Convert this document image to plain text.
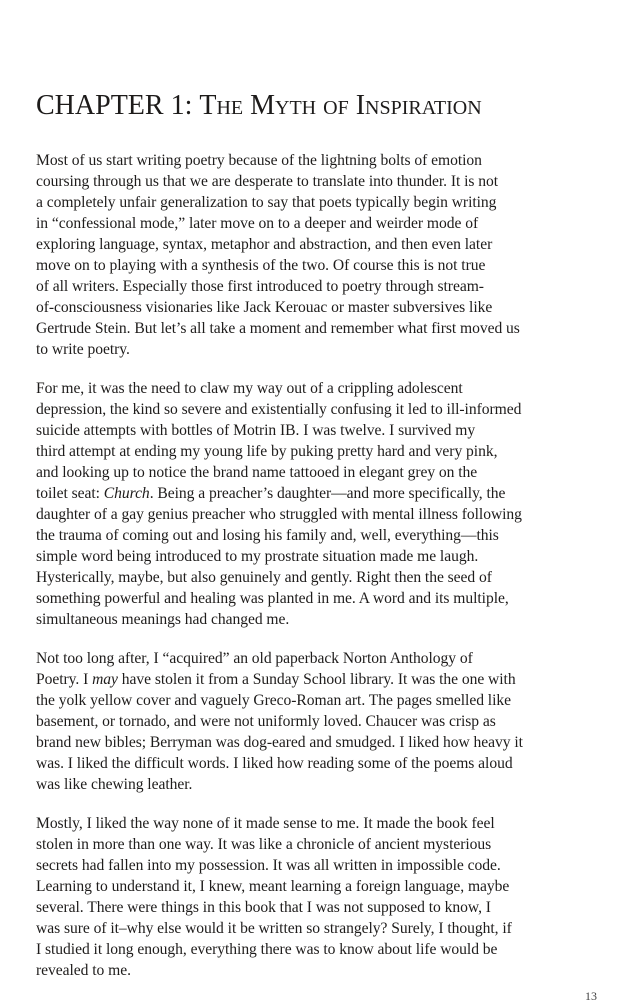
CHAPTER 1: The Myth of Inspiration

Most of us start writing poetry because of the lightning bolts of emotion
coursing through us that we are desperate to translate into thunder. It is not
a completely unfair generalization to say that poets typically begin writing
in “confessional mode,” later move on to a deeper and weirder mode of
exploring language, syntax, metaphor and abstraction, and then even later
move on to playing with a synthesis of the two. Of course this is not true
of all writers. Especially those first introduced to poetry through stream-
of-consciousness visionaries like Jack Kerouac or master subversives like
Gertrude Stein. But let’s all take a moment and remember what first moved us
to write poetry.

For me, it was the need to claw my way out of a crippling adolescent
depression, the kind so severe and existentially confusing it led to ill-informed
suicide attempts with bottles of Motrin IB. I was twelve. I survived my
third attempt at ending my young life by puking pretty hard and very pink,
and looking up to notice the brand name tattooed in elegant grey on the
toilet seat: Church. Being a preacher’s daughter—and more specifically, the
daughter of a gay genius preacher who struggled with mental illness following
the trauma of coming out and losing his family and, well, everything—this
simple word being introduced to my prostrate situation made me laugh.
Hysterically, maybe, but also genuinely and gently. Right then the seed of
something powerful and healing was planted in me. A word and its multiple,
simultaneous meanings had changed me.

Not too long after, I “acquired” an old paperback Norton Anthology of
Poetry. I may have stolen it from a Sunday School library. It was the one with
the yolk yellow cover and vaguely Greco-Roman art. The pages smelled like
basement, or tornado, and were not uniformly loved. Chaucer was crisp as
brand new bibles; Berryman was dog-eared and smudged. I liked how heavy it
was. I liked the difficult words. I liked how reading some of the poems aloud
was like chewing leather.

Mostly, I liked the way none of it made sense to me. It made the book feel
stolen in more than one way. It was like a chronicle of ancient mysterious
secrets had fallen into my possession. It was all written in impossible code.
Learning to understand it, I knew, meant learning a foreign language, maybe
several. There were things in this book that I was not supposed to know, I
was sure of it–why else would it be written so strangely? Surely, I thought, if
I studied it long enough, everything there was to know about life would be
revealed to me.

13
